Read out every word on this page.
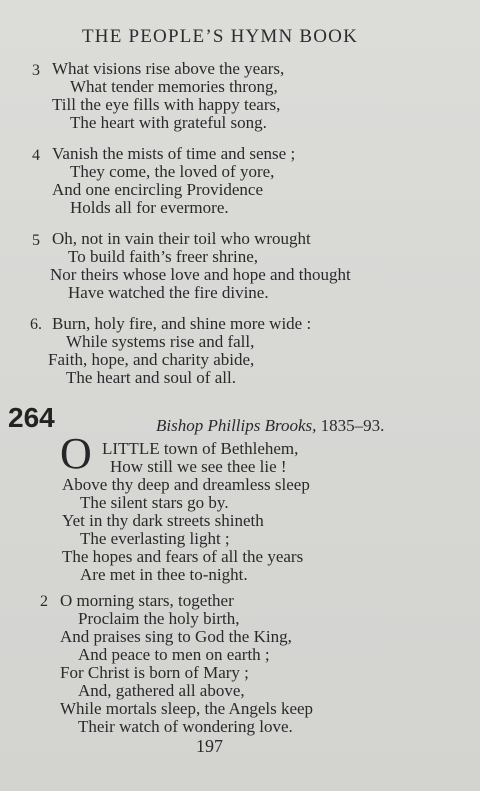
THE PEOPLE’S HYMN BOOK
3 What visions rise above the years,
What tender memories throng,
Till the eye fills with happy tears,
The heart with grateful song.
4 Vanish the mists of time and sense ;
They come, the loved of yore,
And one encircling Providence
Holds all for evermore.
5 Oh, not in vain their toil who wrought
To build faith’s freer shrine,
Nor theirs whose love and hope and thought
Have watched the fire divine.
6. Burn, holy fire, and shine more wide :
While systems rise and fall,
Faith, hope, and charity abide,
The heart and soul of all.
264	Bishop Phillips Brooks, 1835–93.
O LITTLE town of Bethlehem,
How still we see thee lie !
Above thy deep and dreamless sleep
The silent stars go by.
Yet in thy dark streets shineth
The everlasting light ;
The hopes and fears of all the years
Are met in thee to-night.
2 O morning stars, together
Proclaim the holy birth,
And praises sing to God the King,
And peace to men on earth ;
For Christ is born of Mary ;
And, gathered all above,
While mortals sleep, the Angels keep
Their watch of wondering love.
197
